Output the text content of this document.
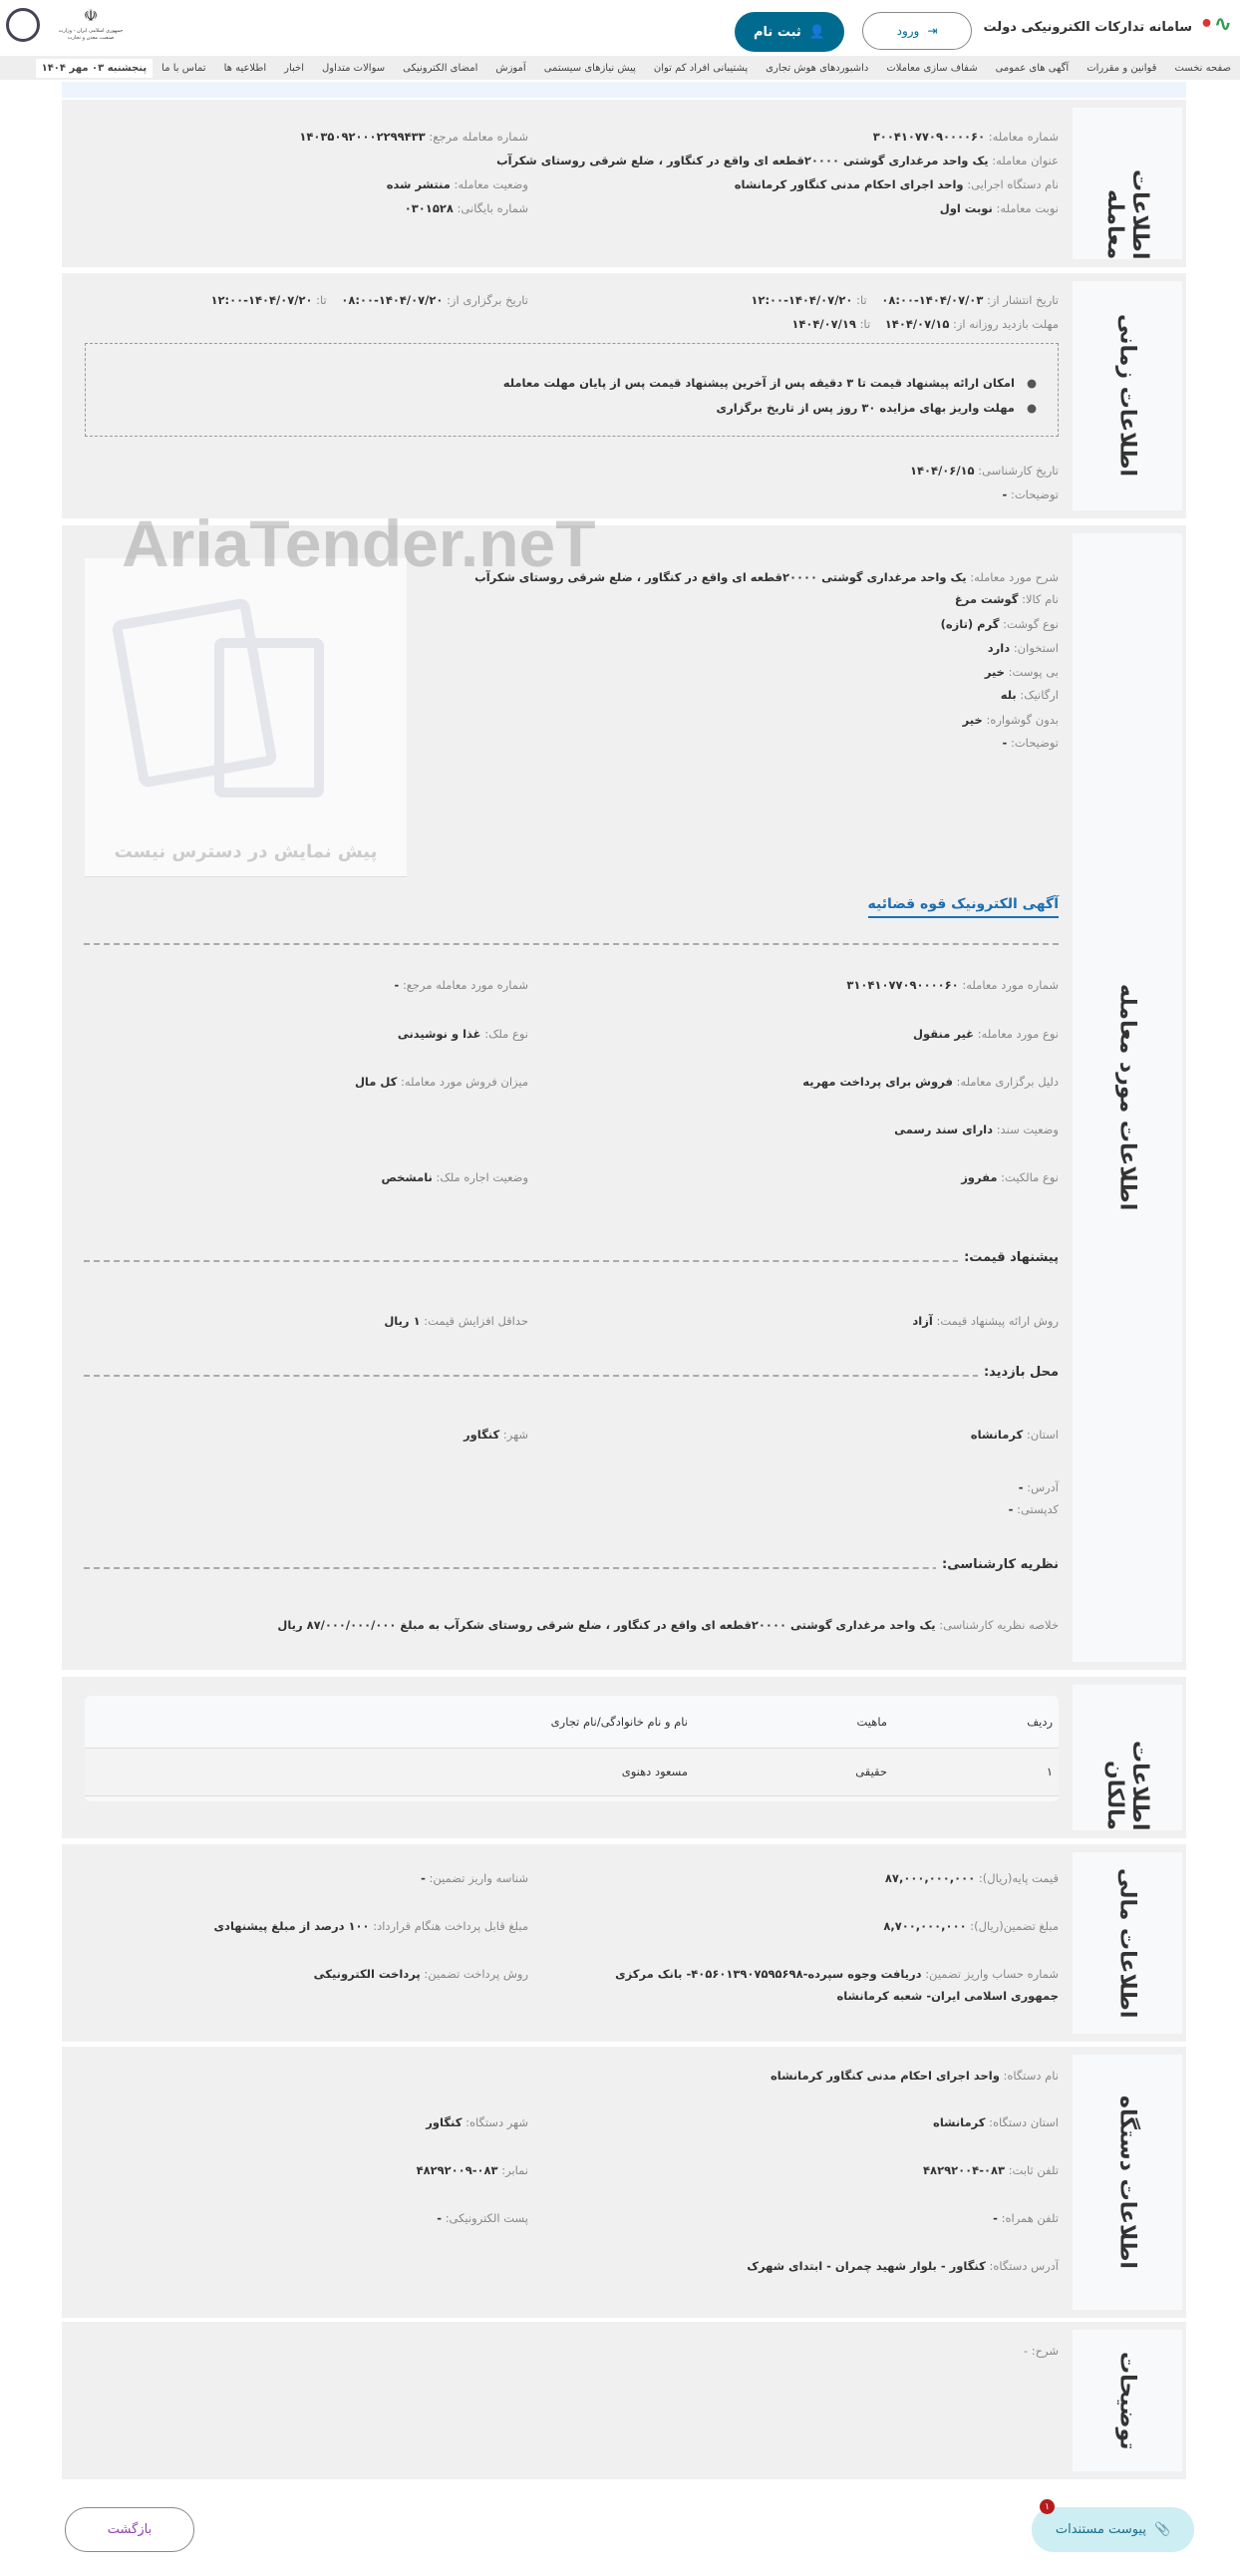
∿•
سامانه تدارکات الکترونیکی دولت
⇥
ورود
👤
ثبت نام
☫
جمهوری اسلامی ایران - وزارت صنعت، معدن و تجارت
صفحه نخست
قوانین و مقررات
آگهی های عمومی
شفاف سازی معاملات
داشبوردهای هوش تجاری
پشتیبانی افراد کم توان
پیش نیازهای سیستمی
آموزش
امضای الکترونیکی
سوالات متداول
اخبار
اطلاعیه ها
تماس با ما
پنجشنبه ۰۳ مهر ۱۴۰۴
اطلاعات معامله
شماره معامله: ۳۰۰۴۱۰۷۷۰۹۰۰۰۰۶۰
شماره معامله مرجع: ۱۴۰۳۵۰۹۲۰۰۰۲۲۹۹۴۳۳
عنوان معامله: یک واحد مرغداری گوشتی ۲۰۰۰۰قطعه ای واقع در کنگاور ، ضلع شرقی روستای شکرآب
نام دستگاه اجرایی: واحد اجرای احکام مدنی کنگاور کرمانشاه
وضعیت معامله: منتشر شده
نوبت معامله: نوبت اول
شماره بایگانی: ۰۳۰۱۵۲۸
اطلاعات زمانی
تاریخ انتشار از: ۱۴۰۴/۰۷/۰۳-۰۸:۰۰    تا: ۱۴۰۴/۰۷/۲۰-۱۲:۰۰
تاریخ برگزاری از: ۱۴۰۴/۰۷/۲۰-۰۸:۰۰    تا: ۱۴۰۴/۰۷/۲۰-۱۲:۰۰
مهلت بازدید روزانه از: ۱۴۰۴/۰۷/۱۵    تا: ۱۴۰۴/۰۷/۱۹
●   امکان ارائه پیشنهاد قیمت تا ۳ دقیقه پس از آخرین پیشنهاد قیمت پس از پایان مهلت معامله
●   مهلت واریز بهای مزایده ۳۰ روز پس از تاریخ برگزاری
تاریخ کارشناسی: ۱۴۰۴/۰۶/۱۵
توضیحات: -
اطلاعات مورد معامله
پیش نمایش در دسترس نیست
AriaTender.neT	شرح مورد معامله: یک واحد مرغداری گوشتی ۲۰۰۰۰قطعه ای واقع در کنگاور ، ضلع شرقی روستای شکرآب
نام کالا: گوشت مرغ
نوع گوشت: گرم (تازه)
استخوان: دارد
بی پوست: خیر
ارگانیک: بله
بدون گوشواره: خیر
توضیحات: -
آگهی الکترونیک قوه قضائیه
شماره مورد معامله: ۳۱۰۴۱۰۷۷۰۹۰۰۰۰۶۰
شماره مورد معامله مرجع: -
نوع مورد معامله: غیر منقول
نوع ملک: غذا و نوشیدنی
دلیل برگزاری معامله: فروش برای پرداخت مهریه
میزان فروش مورد معامله: کل مال
وضعیت سند: دارای سند رسمی
نوع مالکیت: مفروز
وضعیت اجاره ملک: نامشخص
پیشنهاد قیمت:
روش ارائه پیشنهاد قیمت: آزاد
حداقل افزایش قیمت: ۱ ریال
محل بازدید:
استان: کرمانشاه
شهر: کنگاور
آدرس: -
کدپستی: -
نظریه کارشناسی:
خلاصه نظریه کارشناسی: یک واحد مرغداری گوشتی ۲۰۰۰۰قطعه ای واقع در کنگاور ، ضلع شرقی روستای شکرآب به مبلغ ۸۷/۰۰۰/۰۰۰/۰۰۰ ریال
اطلاعات مالکان
ردیف
ماهیت
نام و نام خانوادگی/نام تجاری
۱
حقیقی
مسعود دهنوی
اطلاعات مالی
قیمت پایه(ریال): ۸۷,۰۰۰,۰۰۰,۰۰۰
شناسه واریز تضمین: -
مبلغ تضمین(ریال): ۸,۷۰۰,۰۰۰,۰۰۰
مبلغ قابل پرداخت هنگام قرارداد: ۱۰۰ درصد از مبلغ پیشنهادی
شماره حساب واریز تضمین: دریافت وجوه سپرده-۴۰۵۶۰۱۳۹۰۷۵۹۵۶۹۸- بانک مرکزی
جمهوری اسلامی ایران- شعبه کرمانشاه
روش پرداخت تضمین: پرداخت الکترونیکی
اطلاعات دستگاه
نام دستگاه: واحد اجرای احکام مدنی کنگاور کرمانشاه
استان دستگاه: کرمانشاه
شهر دستگاه: کنگاور
تلفن ثابت: ۰۸۳-۴۸۲۹۲۰۰۴
نمابر: ۰۸۳-۴۸۲۹۲۰۰۹
تلفن همراه: -
پست الکترونیکی: -
آدرس دستگاه: کنگاور - بلوار شهید چمران - ابتدای شهرک
توضیحات
شرح: -
📎
پیوست مستندات
۱
بازگشت
